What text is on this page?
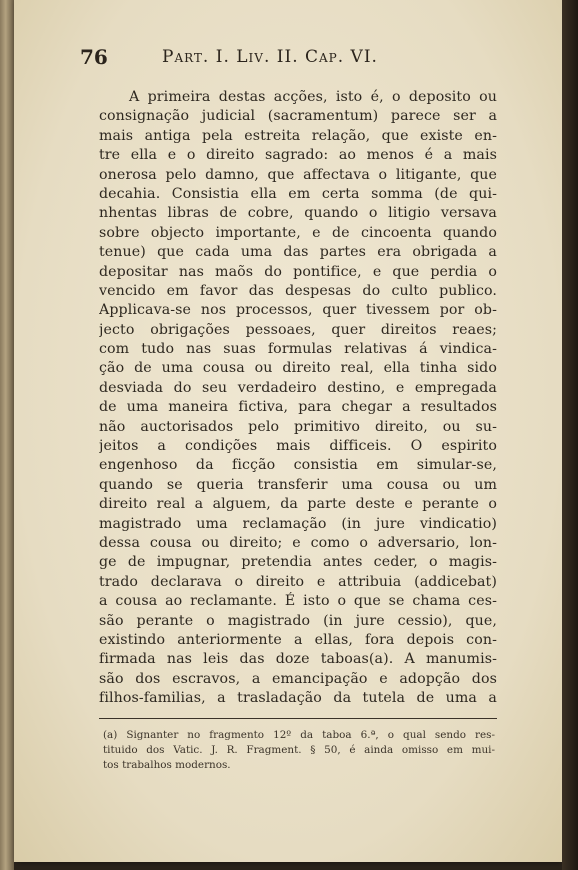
76	Part. I. Liv. II. Cap. VI.
A primeira destas acções, isto é, o deposito ou
consignação judicial (sacramentum) parece ser a
mais antiga pela estreita relação, que existe en-
tre ella e o direito sagrado: ao menos é a mais
onerosa pelo damno, que affectava o litigante, que
decahia. Consistia ella em certa somma (de qui-
nhentas libras de cobre, quando o litigio versava
sobre objecto importante, e de cincoenta quando
tenue) que cada uma das partes era obrigada a
depositar nas maõs do pontifice, e que perdia o
vencido em favor das despesas do culto publico.
Applicava-se nos processos, quer tivessem por ob-
jecto obrigações pessoaes, quer direitos reaes;
com tudo nas suas formulas relativas á vindica-
ção de uma cousa ou direito real, ella tinha sido
desviada do seu verdadeiro destino, e empregada
de uma maneira fictiva, para chegar a resultados
não auctorisados pelo primitivo direito, ou su-
jeitos a condições mais difficeis. O espirito
engenhoso da ficção consistia em simular-se,
quando se queria transferir uma cousa ou um
direito real a alguem, da parte deste e perante o
magistrado uma reclamação (in jure vindicatio)
dessa cousa ou direito; e como o adversario, lon-
ge de impugnar, pretendia antes ceder, o magis-
trado declarava o direito e attribuia (addicebat)
a cousa ao reclamante. É isto o que se chama ces-
são perante o magistrado (in jure cessio), que,
existindo anteriormente a ellas, fora depois con-
firmada nas leis das doze taboas(a). A manumis-
são dos escravos, a emancipação e adopção dos
filhos-familias, a trasladação da tutela de uma a
(a) Signanter no fragmento 12º da taboa 6.ª, o qual sendo res-
tituido dos Vatic. J. R. Fragment. § 50, é ainda omisso em mui-
tos trabalhos modernos.
